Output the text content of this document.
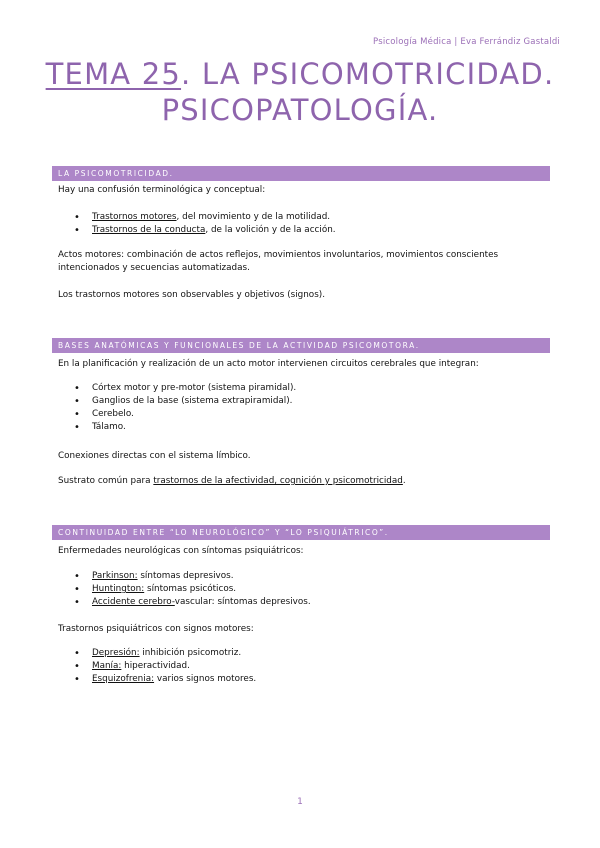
Psicología Médica | Eva Ferrándiz Gastaldi
TEMA 25. LA PSICOMOTRICIDAD.
PSICOPATOLOGÍA.
LA PSICOMOTRICIDAD.
Hay una confusión terminológica y conceptual:
• Trastornos motores, del movimiento y de la motilidad.
• Trastornos de la conducta, de la volición y de la acción.
Actos motores: combinación de actos reflejos, movimientos involuntarios, movimientos conscientes intencionados y secuencias automatizadas.
Los trastornos motores son observables y objetivos (signos).
BASES ANATÓMICAS Y FUNCIONALES DE LA ACTIVIDAD PSICOMOTORA.
En la planificación y realización de un acto motor intervienen circuitos cerebrales que integran:
• Córtex motor y pre-motor (sistema piramidal).
• Ganglios de la base (sistema extrapiramidal).
• Cerebelo.
• Tálamo.
Conexiones directas con el sistema límbico.
Sustrato común para trastornos de la afectividad, cognición y psicomotricidad.
CONTINUIDAD ENTRE “LO NEUROLÓGICO” Y “LO PSIQUIÁTRICO”.
Enfermedades neurológicas con síntomas psiquiátricos:
• Parkinson: síntomas depresivos.
• Huntington: síntomas psicóticos.
• Accidente cerebro-vascular: síntomas depresivos.
Trastornos psiquiátricos con signos motores:
• Depresión: inhibición psicomotriz.
• Manía: hiperactividad.
• Esquizofrenia: varios signos motores.
1
